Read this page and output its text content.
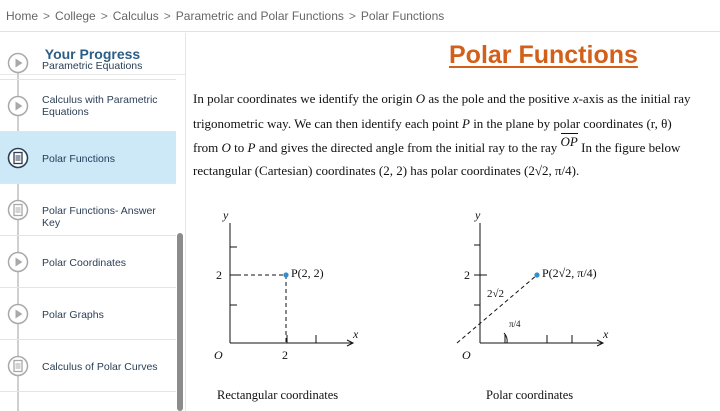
Home > College > Calculus > Parametric and Polar Functions > Polar Functions
Your Progress
Parametric Equations
Calculus with Parametric Equations
Polar Functions
Polar Functions- Answer Key
Polar Coordinates
Polar Graphs
Calculus of Polar Curves
Polar Functions
In polar coordinates we identify the origin O as the pole and the positive x-axis as the initial ray
trigonometric way. We can then identify each point P in the plane by polar coordinates (r, θ)
from O to P and gives the directed angle from the initial ray to the ray OP In the figure below
rectangular (Cartesian) coordinates (2, 2) has polar coordinates (2√2, π/4).
y
x
O	2
2	P(2, 2)
y
x
O
2
2√2
π/4
P(2√2, π/4)
Rectangular coordinates	Polar coordinates
